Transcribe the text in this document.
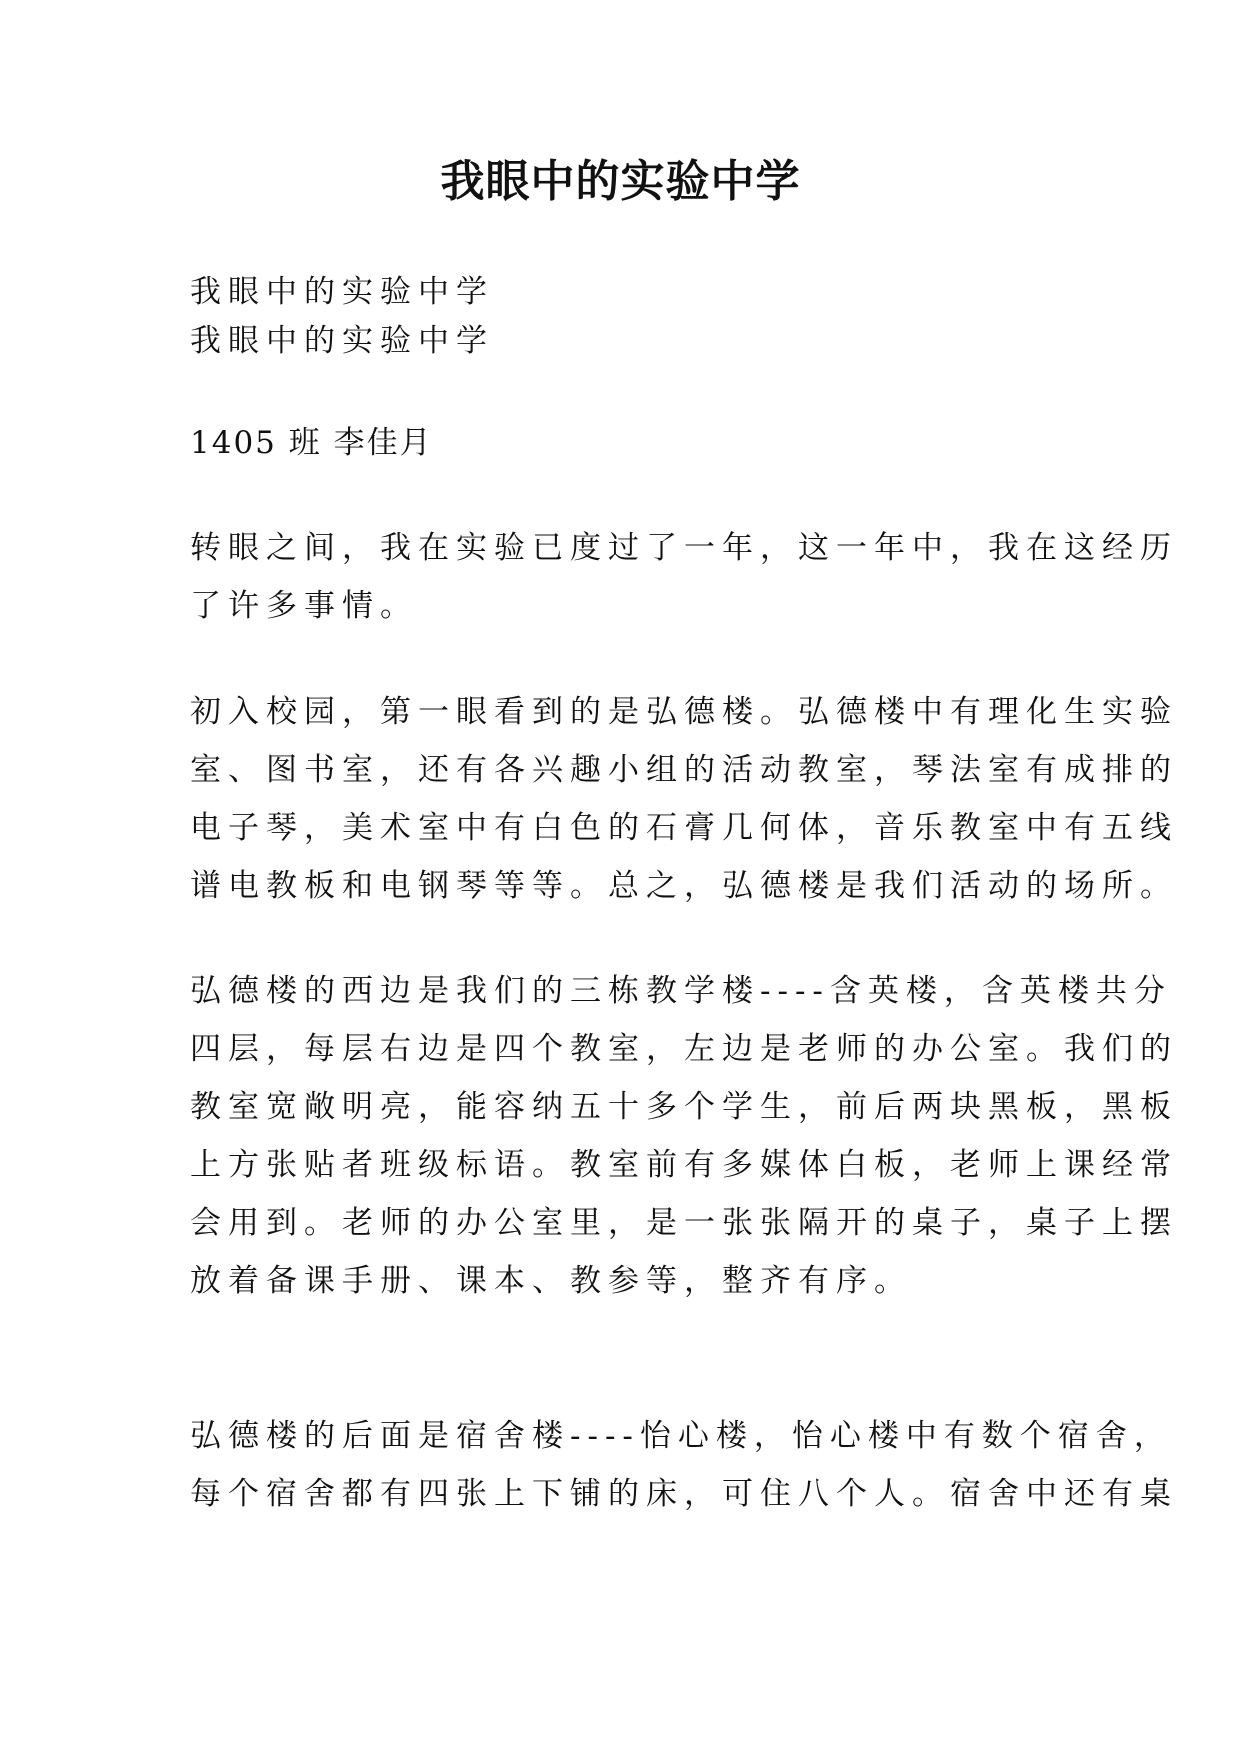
我眼中的实验中学

我眼中的实验中学

我眼中的实验中学

1405 班 李佳月

转眼之间，我在实验已度过了一年，这一年中，我在这经历
了许多事情。
初入校园，第一眼看到的是弘德楼。弘德楼中有理化生实验
室、图书室，还有各兴趣小组的活动教室，琴法室有成排的
电子琴，美术室中有白色的石膏几何体，音乐教室中有五线
谱电教板和电钢琴等等。总之，弘德楼是我们活动的场所。
弘德楼的西边是我们的三栋教学楼----含英楼，含英楼共分
四层，每层右边是四个教室，左边是老师的办公室。我们的
教室宽敞明亮，能容纳五十多个学生，前后两块黑板，黑板
上方张贴者班级标语。教室前有多媒体白板，老师上课经常
会用到。老师的办公室里，是一张张隔开的桌子，桌子上摆
放着备课手册、课本、教参等，整齐有序。
弘德楼的后面是宿舍楼----怡心楼，怡心楼中有数个宿舍，
每个宿舍都有四张上下铺的床，可住八个人。宿舍中还有桌
